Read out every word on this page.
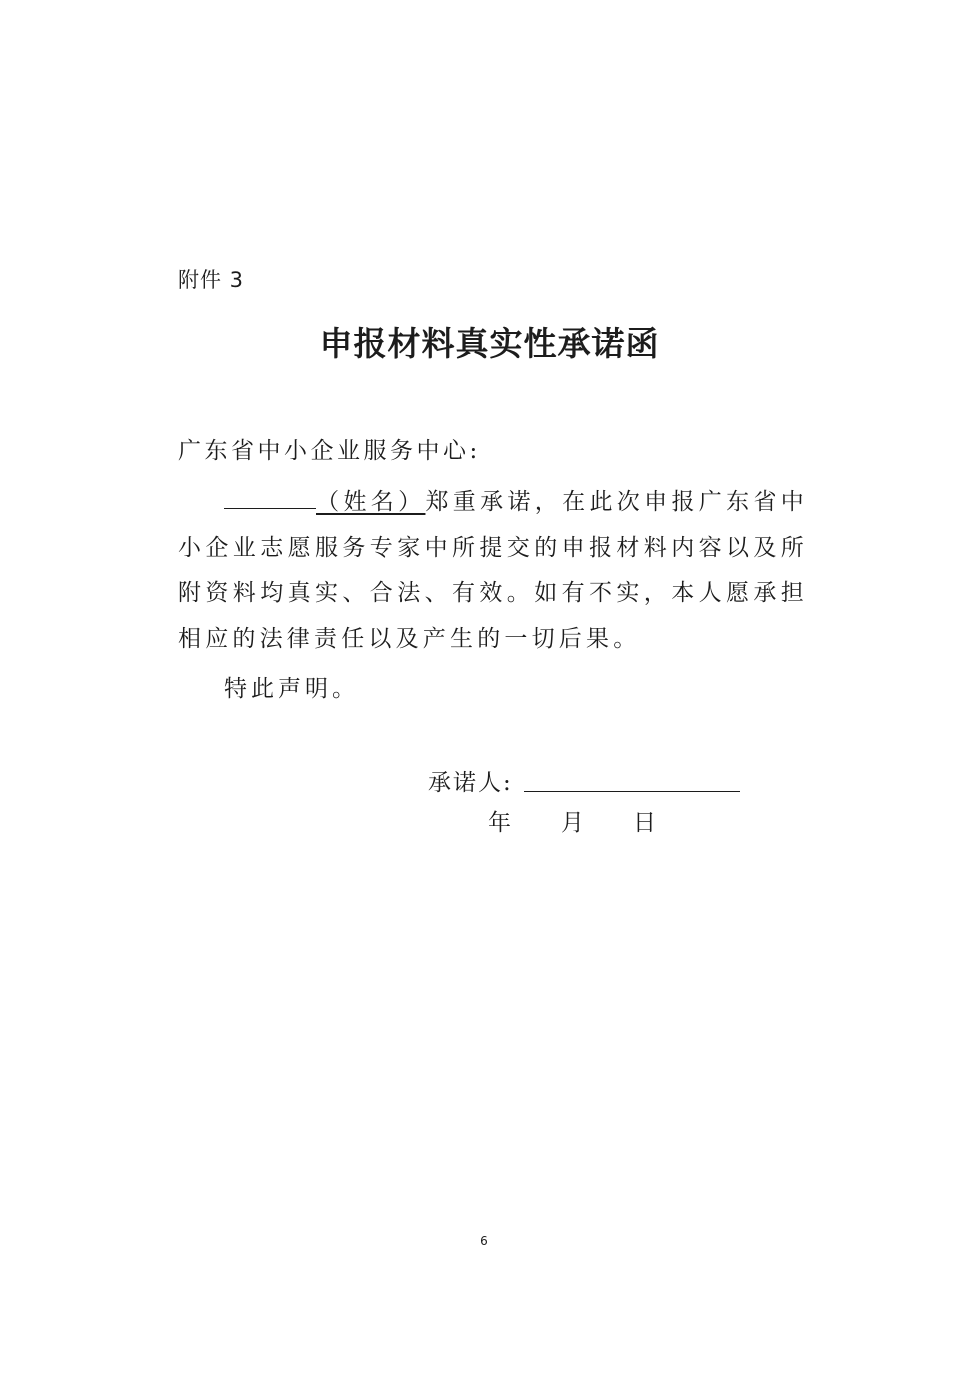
附件 3
申报材料真实性承诺函
广东省中小企业服务中心:
（姓名）郑重承诺，在此次申报广东省中小企业志愿服务专家中所提交的申报材料内容以及所附资料均真实、合法、有效。如有不实，本人愿承担相应的法律责任以及产生的一切后果。
特此声明。
承诺人:
年 月 日
6
